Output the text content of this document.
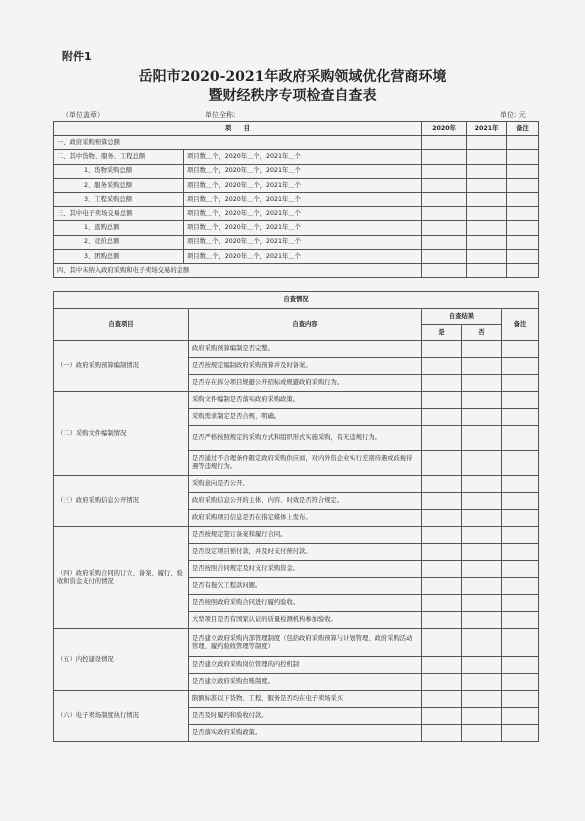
附件1
岳阳市2020-2021年政府采购领域优化营商环境
暨财经秩序专项检查自查表
（单位盖章）	单位全称:	单位: 元
项　　目		2020年	2021年	备注
一、政府采购预算总额				
二、其中货物、服务、工程总额	项目数＿个，2020年＿个，2021年＿个			
1、货物采购总额	项目数＿个，2020年＿个，2021年＿个			
2、服务采购总额	项目数＿个，2020年＿个，2021年＿个			
3、工程采购总额	项目数＿个，2020年＿个，2021年＿个			
三、其中电子卖场交易总额	项目数＿个，2020年＿个，2021年＿个			
1、直购总额	项目数＿个，2020年＿个，2021年＿个			
2、竞价总额	项目数＿个，2020年＿个，2021年＿个			
3、团购总额	项目数＿个，2020年＿个，2021年＿个			
四、其中未纳入政府采购和电子卖场交易的金额				
自查情况				
自查项目	自查内容	自查结果		备注
		是	否	
（一）政府采购预算编制情况	政府采购预算编制是否完整。			
	是否按规定编制政府采购预算并及时备案。			
	是否存在拆分项目规避公开招标或规避政府采购行为。			
（二）采购文件编制情况	采购文件编制是否落实政府采购政策。			
	采购需求制定是否合规、明确。			
	是否严格按照规定的采购方式和组织形式实施采购，有无违规行为。			
	是否通过不合理条件限定政府采购供应商，对内外资企业实行差别待遇或歧视待遇等违规行为。			
（三）政府采购信息公开情况	采购意向是否公开。			
	政府采购信息公开的主体、内容、时效是否符合规定。			
	政府采购项目信息是否在指定媒体上发布。			
（四）政府采购合同的订立、备案、履行、验收和资金支付的情况	是否按规定签订备案和履行合同。			
	是否设定项目预付款，并及时支付预付款。			
	是否按照合同规定及时支付采购资金。			
	是否有拖欠工程款问题。			
	是否按照政府采购合同进行履约验收。			
	大型项目是否有国家认证的质量检测机构参加验收。			
（五）内控建设情况	是否建立政府采购内部管理制度（包括政府采购预算与计划管理、政府采购活动管理、履约验收管理等制度）			
	是否建立政府采购岗位管理的内控机制			
	是否建立政府采购台账制度。			
（六）电子卖场制度执行情况	限额标准以下货物、工程、服务是否均在电子卖场采买			
	是否及时履约和验收付款。			
	是否落实政府采购政策。			
